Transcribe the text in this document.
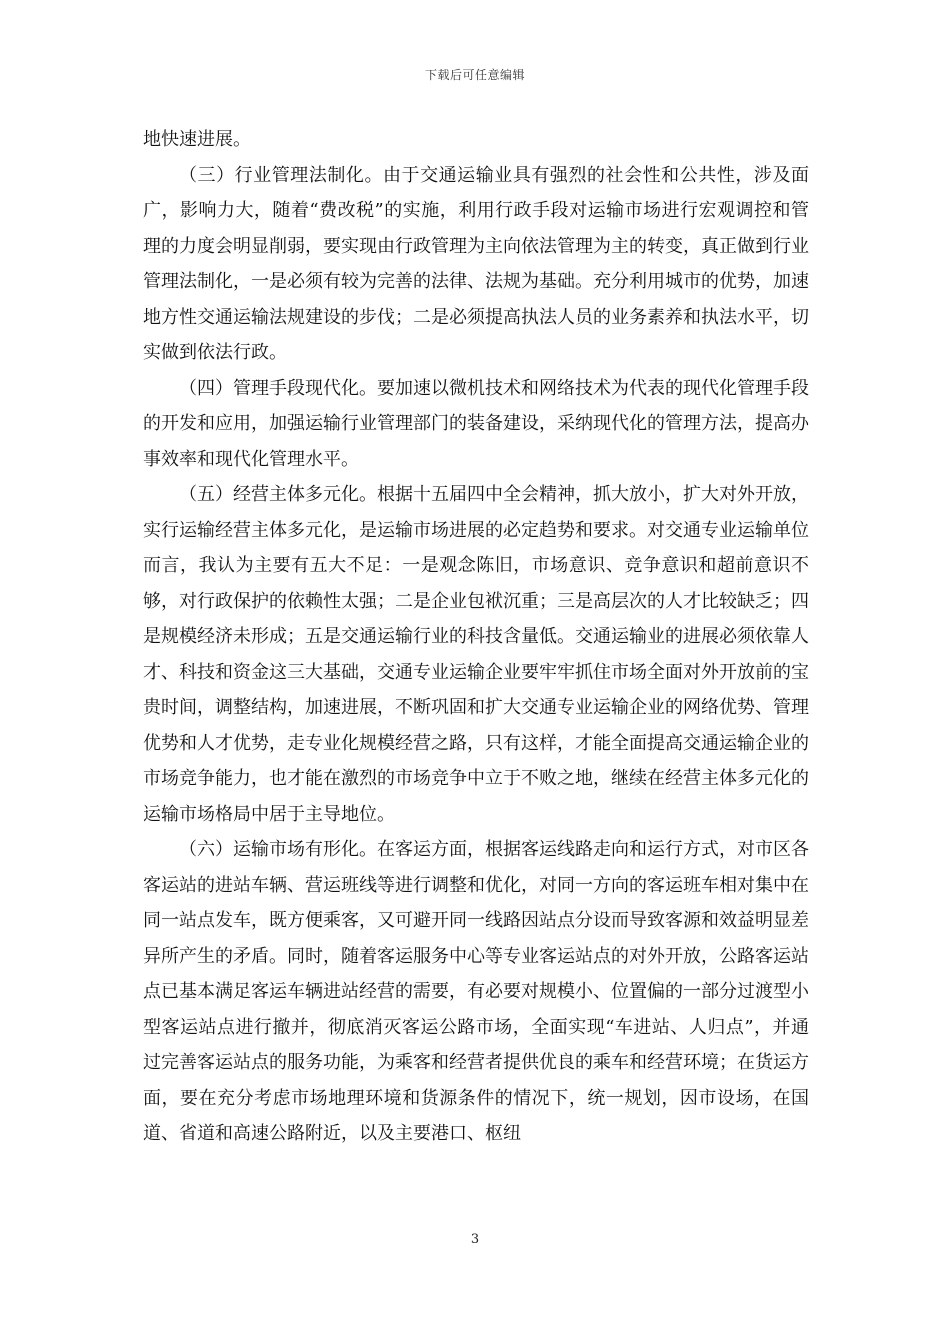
下载后可任意编辑

地快速进展。

（三）行业管理法制化。由于交通运输业具有强烈的社会性和公共性，涉及面广，影响力大，随着“费改税”的实施，利用行政手段对运输市场进行宏观调控和管理的力度会明显削弱，要实现由行政管理为主向依法管理为主的转变，真正做到行业管理法制化，一是必须有较为完善的法律、法规为基础。充分利用城市的优势，加速地方性交通运输法规建设的步伐；二是必须提高执法人员的业务素养和执法水平，切实做到依法行政。

（四）管理手段现代化。要加速以微机技术和网络技术为代表的现代化管理手段的开发和应用，加强运输行业管理部门的装备建设，采纳现代化的管理方法，提高办事效率和现代化管理水平。

（五）经营主体多元化。根据十五届四中全会精神，抓大放小，扩大对外开放，实行运输经营主体多元化，是运输市场进展的必定趋势和要求。对交通专业运输单位而言，我认为主要有五大不足：一是观念陈旧，市场意识、竞争意识和超前意识不够，对行政保护的依赖性太强；二是企业包袱沉重；三是高层次的人才比较缺乏；四是规模经济未形成；五是交通运输行业的科技含量低。交通运输业的进展必须依靠人才、科技和资金这三大基础，交通专业运输企业要牢牢抓住市场全面对外开放前的宝贵时间，调整结构，加速进展，不断巩固和扩大交通专业运输企业的网络优势、管理优势和人才优势，走专业化规模经营之路，只有这样，才能全面提高交通运输企业的市场竞争能力，也才能在激烈的市场竞争中立于不败之地，继续在经营主体多元化的运输市场格局中居于主导地位。

（六）运输市场有形化。在客运方面，根据客运线路走向和运行方式，对市区各客运站的进站车辆、营运班线等进行调整和优化，对同一方向的客运班车相对集中在同一站点发车，既方便乘客，又可避开同一线路因站点分设而导致客源和效益明显差异所产生的矛盾。同时，随着客运服务中心等专业客运站点的对外开放，公路客运站点已基本满足客运车辆进站经营的需要，有必要对规模小、位置偏的一部分过渡型小型客运站点进行撤并，彻底消灭客运公路市场，全面实现“车进站、人归点”，并通过完善客运站点的服务功能，为乘客和经营者提供优良的乘车和经营环境；在货运方面，要在充分考虑市场地理环境和货源条件的情况下，统一规划，因市设场，在国道、省道和高速公路附近，以及主要港口、枢纽

3
